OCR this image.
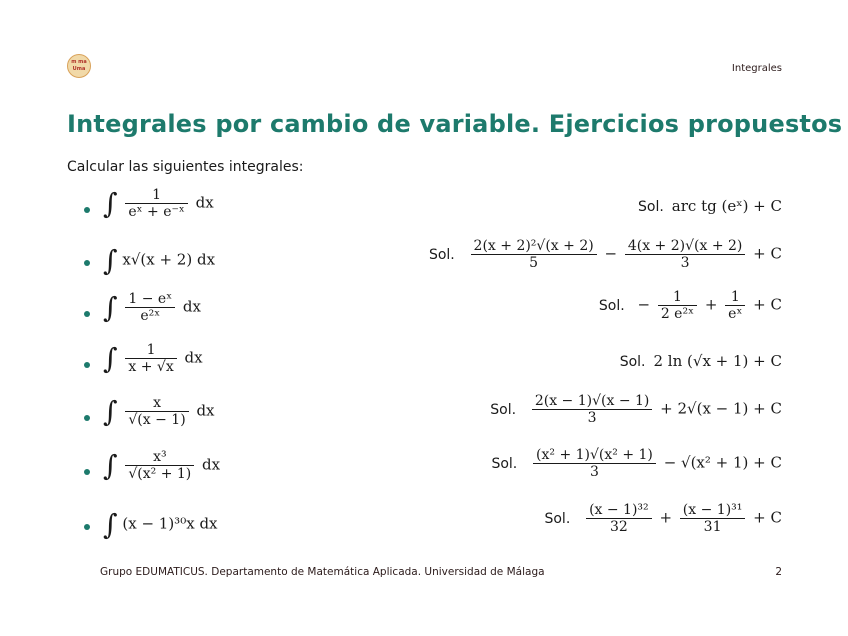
m ma
Uma	Integrales
Integrales por cambio de variable. Ejercicios propuestos
Calcular las siguientes integrales:
∫ $\frac{1}{\text{eˣ + e⁻ˣ}}$ dx	Sol. arc tg (eˣ) + C
∫ x√(x + 2) dx	Sol. $\frac{\text{2(x + 2)²√(x + 2)}}{5} - \frac{4(x + 2)√(x + 2)}{3} + C$
∫ $\frac{\text{1 − eˣ}}{\text{e²ˣ}}$ dx	Sol. − $\frac{1}{\text{2 e²ˣ}} + \frac{1}{\text{eˣ}} + C$
∫ $\frac{1}{x + √x}$ dx	Sol. 2 ln (√x + 1) + C
∫ $\frac{x}{√(x - 1)}$ dx	Sol. $\frac{2(x - 1)√(x - 1)}{3} + 2√(x - 1) + C$
∫ $\frac{\text{x³}}{\text{√(x² + 1)}}$ dx	Sol. $\frac{\text{(x² + 1)√(x² + 1)}}{3} - √(x^2 + 1) + C$
∫ (x − 1)³⁰x dx	Sol. $\frac{\text{(x − 1)³²}}{32} + \frac{\text{(x − 1)³¹}}{31} + C$
Grupo EDUMATICUS. Departamento de Matemática Aplicada. Universidad de Málaga	2
